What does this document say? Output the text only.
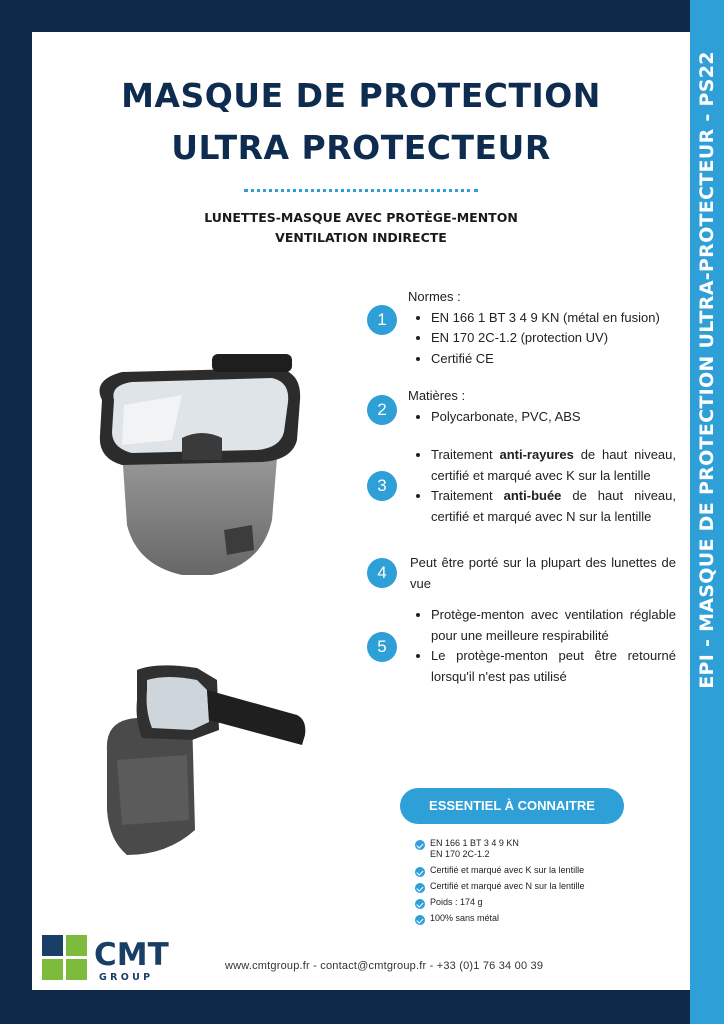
EPI - MASQUE DE PROTECTION ULTRA-PROTECTEUR - PS22
MASQUE DE PROTECTION
ULTRA PROTECTEUR
LUNETTES-MASQUE AVEC PROTÈGE-MENTON
VENTILATION INDIRECTE
1
Normes :
EN 166 1 BT 3 4 9 KN (métal en fusion)
EN 170 2C-1.2 (protection UV)
Certifié CE
2
Matières :
Polycarbonate, PVC, ABS
3
Traitement anti-rayures de haut niveau, certifié et marqué avec K sur la lentille
Traitement anti-buée de haut niveau, certifié et marqué avec N sur la lentille
4
Peut être porté sur la plupart des lunettes de vue
5
Protège-menton avec ventilation réglable pour une meilleure respirabilité
Le protège-menton peut être retourné lorsqu'il n'est pas utilisé
ESSENTIEL À CONNAITRE
EN 166 1 BT 3 4 9 KN
EN 170 2C-1.2
Certifié et marqué avec K sur la lentille
Certifié et marqué avec N sur la lentille
Poids : 174 g
100% sans métal
CMT
G R O U P
www.cmtgroup.fr - contact@cmtgroup.fr - +33 (0)1 76 34 00 39
